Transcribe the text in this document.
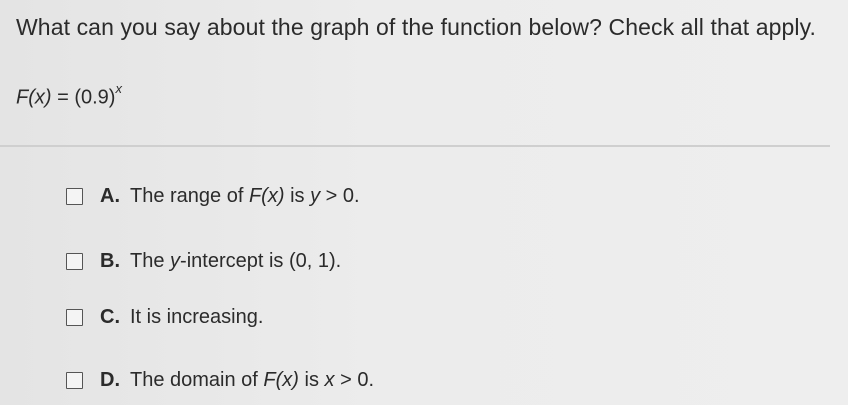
What can you say about the graph of the function below? Check all that apply.
$F(x) = (0.9)^x$
A. The range of F(x) is y > 0.
B. The y-intercept is (0, 1).
C. It is increasing.
D. The domain of F(x) is x > 0.
